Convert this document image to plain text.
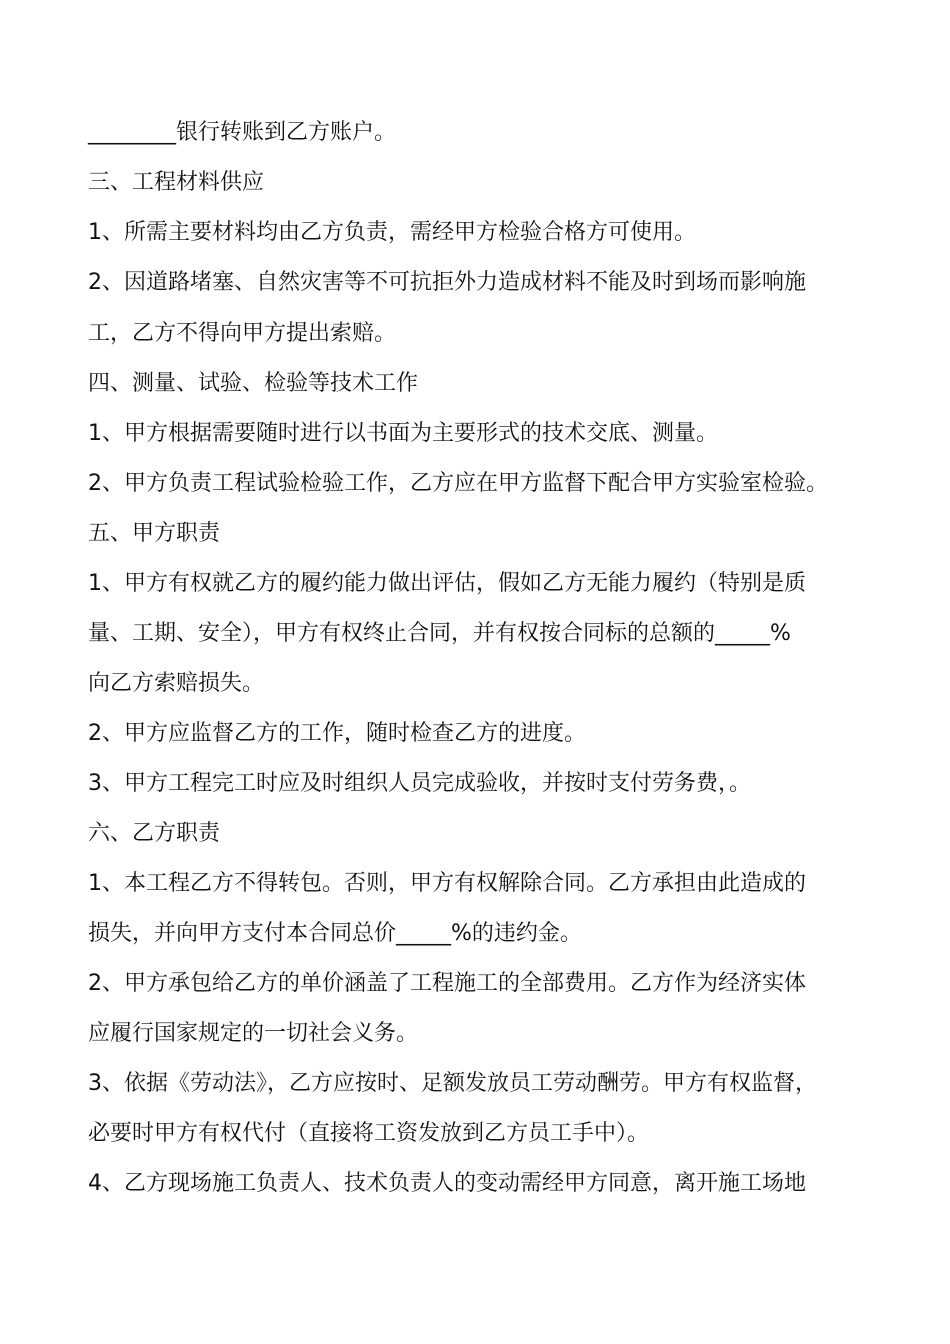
________银行转账到乙方账户。
三、工程材料供应
1、所需主要材料均由乙方负责，需经甲方检验合格方可使用。
2、因道路堵塞、自然灾害等不可抗拒外力造成材料不能及时到场而影响施
工，乙方不得向甲方提出索赔。
四、测量、试验、检验等技术工作
1、甲方根据需要随时进行以书面为主要形式的技术交底、测量。
2、甲方负责工程试验检验工作，乙方应在甲方监督下配合甲方实验室检验。
五、甲方职责
1、甲方有权就乙方的履约能力做出评估，假如乙方无能力履约（特别是质
量、工期、安全），甲方有权终止合同，并有权按合同标的总额的_____%
向乙方索赔损失。
2、甲方应监督乙方的工作，随时检查乙方的进度。
3、甲方工程完工时应及时组织人员完成验收，并按时支付劳务费，。
六、乙方职责
1、本工程乙方不得转包。否则，甲方有权解除合同。乙方承担由此造成的
损失，并向甲方支付本合同总价_____%的违约金。
2、甲方承包给乙方的单价涵盖了工程施工的全部费用。乙方作为经济实体
应履行国家规定的一切社会义务。
3、依据《劳动法》，乙方应按时、足额发放员工劳动酬劳。甲方有权监督，
必要时甲方有权代付（直接将工资发放到乙方员工手中）。
4、乙方现场施工负责人、技术负责人的变动需经甲方同意，离开施工场地
